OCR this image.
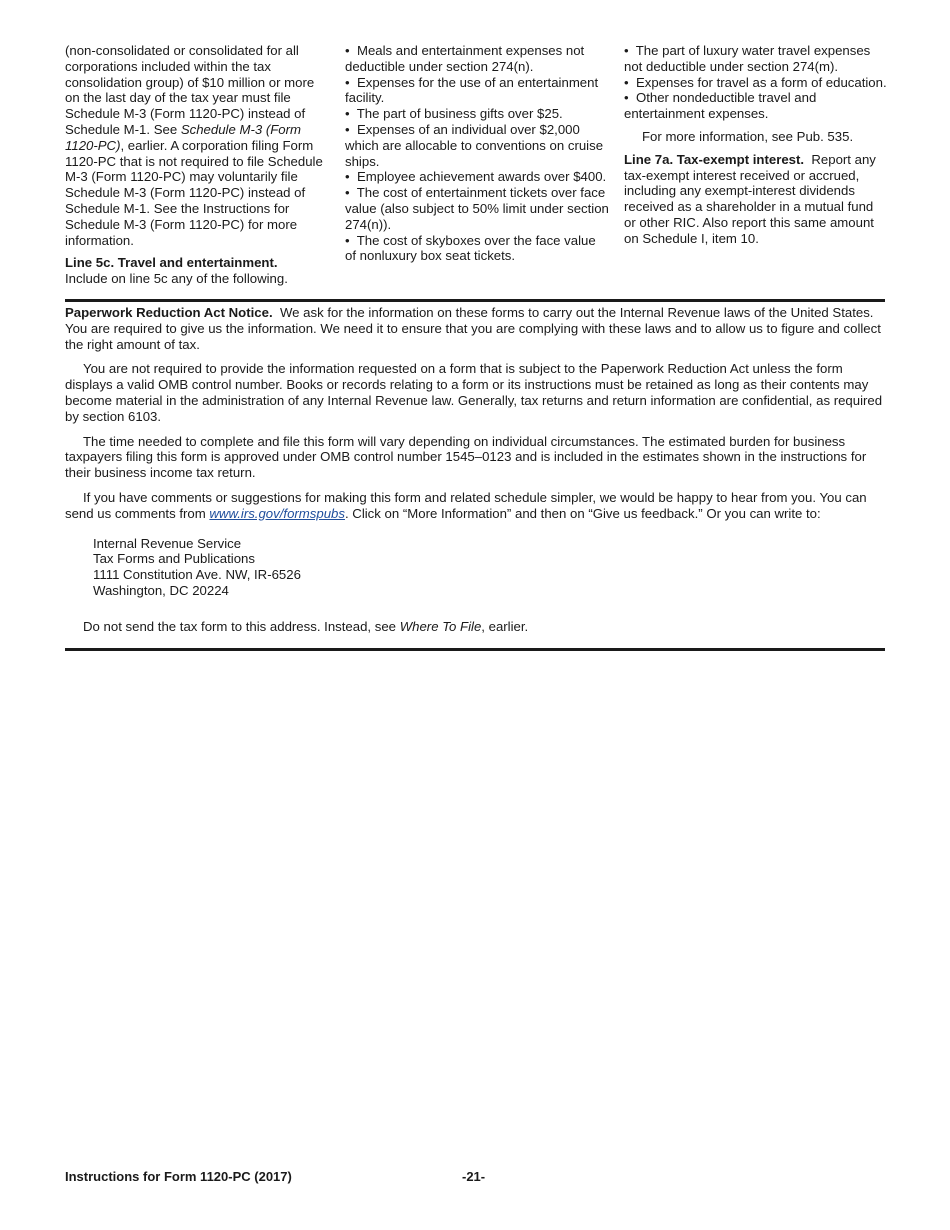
(non-consolidated or consolidated for all corporations included within the tax consolidation group) of $10 million or more on the last day of the tax year must file Schedule M-3 (Form 1120-PC) instead of Schedule M-1. See Schedule M-3 (Form 1120-PC), earlier. A corporation filing Form 1120-PC that is not required to file Schedule M-3 (Form 1120-PC) may voluntarily file Schedule M-3 (Form 1120-PC) instead of Schedule M-1. See the Instructions for Schedule M-3 (Form 1120-PC) for more information.

Line 5c. Travel and entertainment.
Include on line 5c any of the following.

•  Meals and entertainment expenses not deductible under section 274(n).
•  Expenses for the use of an entertainment facility.
•  The part of business gifts over $25.
•  Expenses of an individual over $2,000 which are allocable to conventions on cruise ships.
•  Employee achievement awards over $400.
•  The cost of entertainment tickets over face value (also subject to 50% limit under section 274(n)).
•  The cost of skyboxes over the face value of nonluxury box seat tickets.
•  The part of luxury water travel expenses not deductible under section 274(m).
•  Expenses for travel as a form of education.
•  Other nondeductible travel and entertainment expenses.

For more information, see Pub. 535.

Line 7a. Tax-exempt interest. Report any tax-exempt interest received or accrued, including any exempt-interest dividends received as a shareholder in a mutual fund or other RIC. Also report this same amount on Schedule I, item 10.

Paperwork Reduction Act Notice. We ask for the information on these forms to carry out the Internal Revenue laws of the United States. You are required to give us the information. We need it to ensure that you are complying with these laws and to allow us to figure and collect the right amount of tax.

You are not required to provide the information requested on a form that is subject to the Paperwork Reduction Act unless the form displays a valid OMB control number. Books or records relating to a form or its instructions must be retained as long as their contents may become material in the administration of any Internal Revenue law. Generally, tax returns and return information are confidential, as required by section 6103.

The time needed to complete and file this form will vary depending on individual circumstances. The estimated burden for business taxpayers filing this form is approved under OMB control number 1545–0123 and is included in the estimates shown in the instructions for their business income tax return.

If you have comments or suggestions for making this form and related schedule simpler, we would be happy to hear from you. You can send us comments from www.irs.gov/formspubs. Click on “More Information” and then on “Give us feedback.” Or you can write to:

Internal Revenue Service
Tax Forms and Publications
1111 Constitution Ave. NW, IR-6526
Washington, DC 20224

Do not send the tax form to this address. Instead, see Where To File, earlier.

Instructions for Form 1120-PC (2017)	-21-
